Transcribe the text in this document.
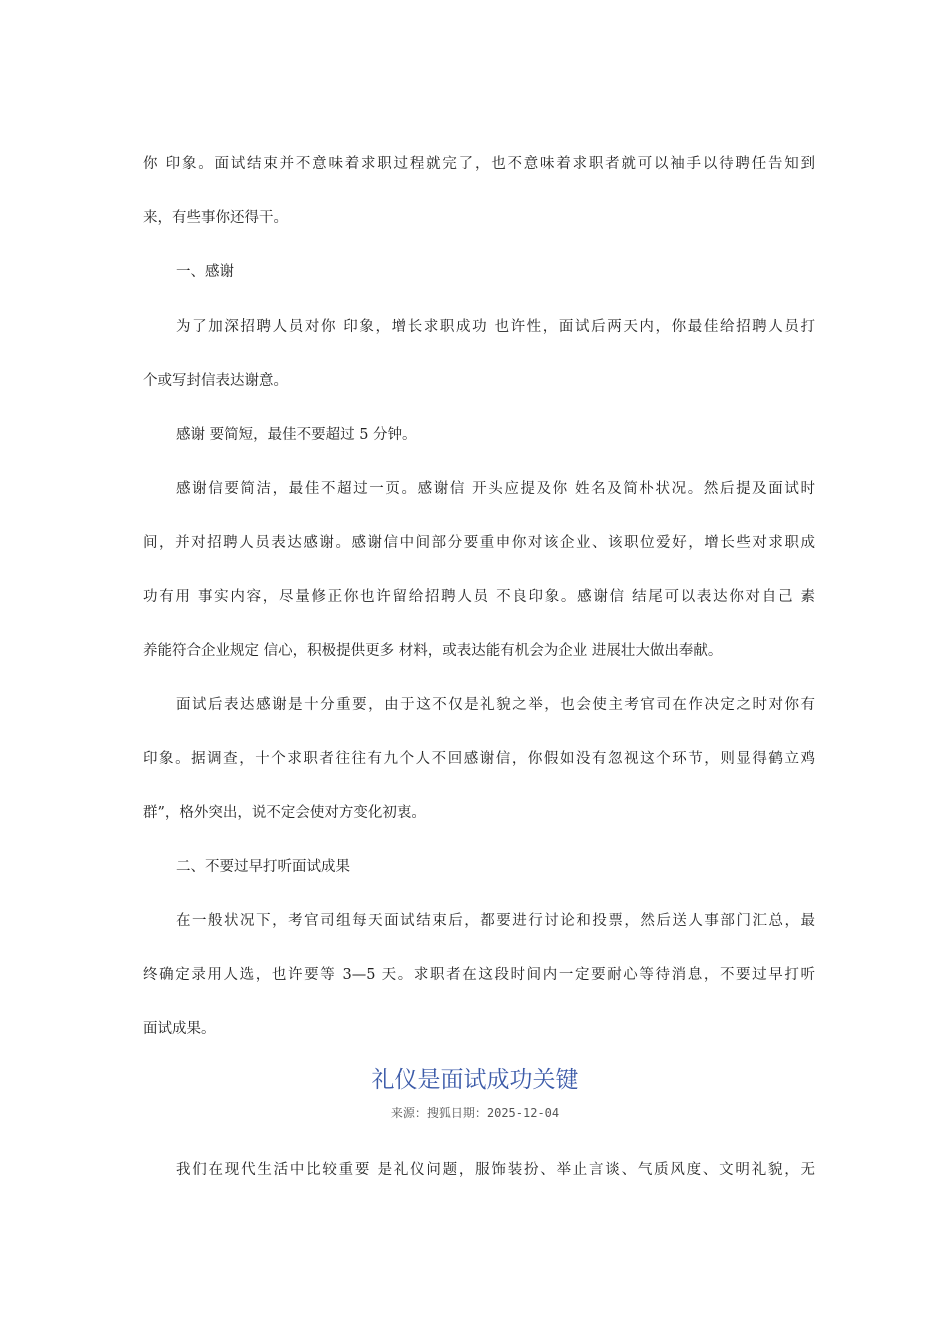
你 印象。面试结束并不意味着求职过程就完了，也不意味着求职者就可以袖手以待聘任告知到
来，有些事你还得干。
一、感谢
为了加深招聘人员对你 印象，增长求职成功 也许性，面试后两天内，你最佳给招聘人员打
个或写封信表达谢意。
感谢 要简短，最佳不要超过 5 分钟。
感谢信要简洁，最佳不超过一页。感谢信 开头应提及你 姓名及简朴状况。然后提及面试时
间，并对招聘人员表达感谢。感谢信中间部分要重申你对该企业、该职位爱好，增长些对求职成
功有用 事实内容，尽量修正你也许留给招聘人员 不良印象。感谢信 结尾可以表达你对自己 素
养能符合企业规定 信心，积极提供更多 材料，或表达能有机会为企业 进展壮大做出奉献。
面试后表达感谢是十分重要，由于这不仅是礼貌之举，也会使主考官司在作决定之时对你有
印象。据调查，十个求职者往往有九个人不回感谢信，你假如没有忽视这个环节，则显得鹤立鸡
群”，格外突出，说不定会使对方变化初衷。
二、不要过早打听面试成果
在一般状况下，考官司组每天面试结束后，都要进行讨论和投票，然后送人事部门汇总，最
终确定录用人选，也许要等 3—5 天。求职者在这段时间内一定要耐心等待消息，不要过早打听
面试成果。
礼仪是面试成功关键
来源：搜狐日期：2025-12-04
我们在现代生活中比较重要 是礼仪问题，服饰装扮、举止言谈、气质风度、文明礼貌，无
